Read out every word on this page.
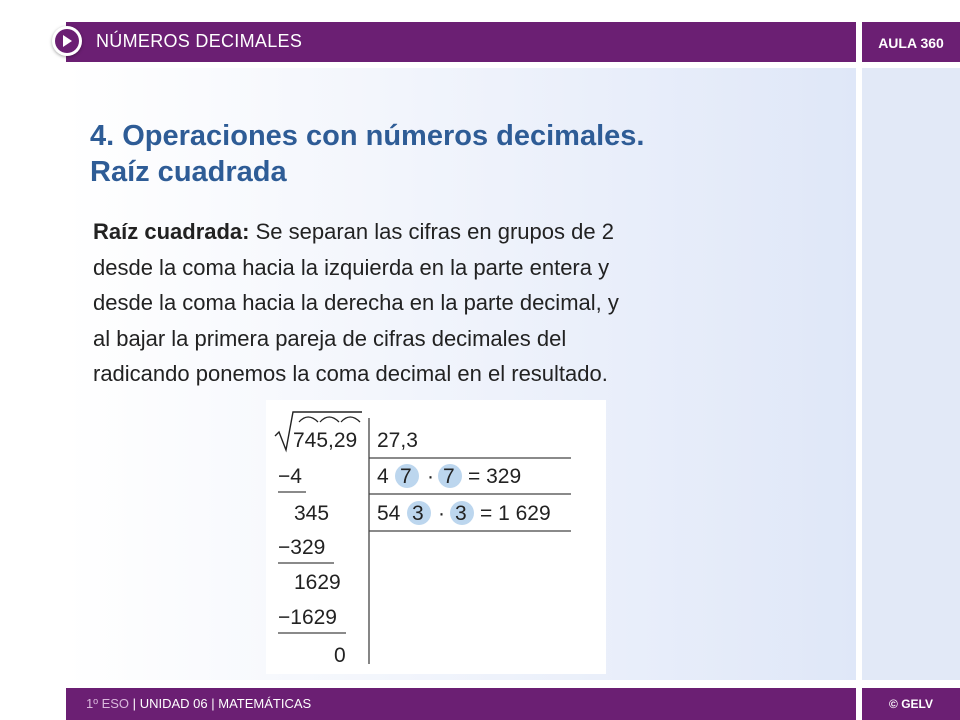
NÚMEROS DECIMALES	AULA 360
4. Operaciones con números decimales.
Raíz cuadrada
Raíz cuadrada: Se separan las cifras en grupos de 2
desde la coma hacia la izquierda en la parte entera y
desde la coma hacia la derecha en la parte decimal, y
al bajar la primera pareja de cifras decimales del
radicando ponemos la coma decimal en el resultado.
745,29 27,3
4 7 · 7 = 329
54 3 · 3 = 1 629
−4
345
−329
1629
−1629
0
1º ESO | UNIDAD 06 | MATEMÁTICAS	© GELV
